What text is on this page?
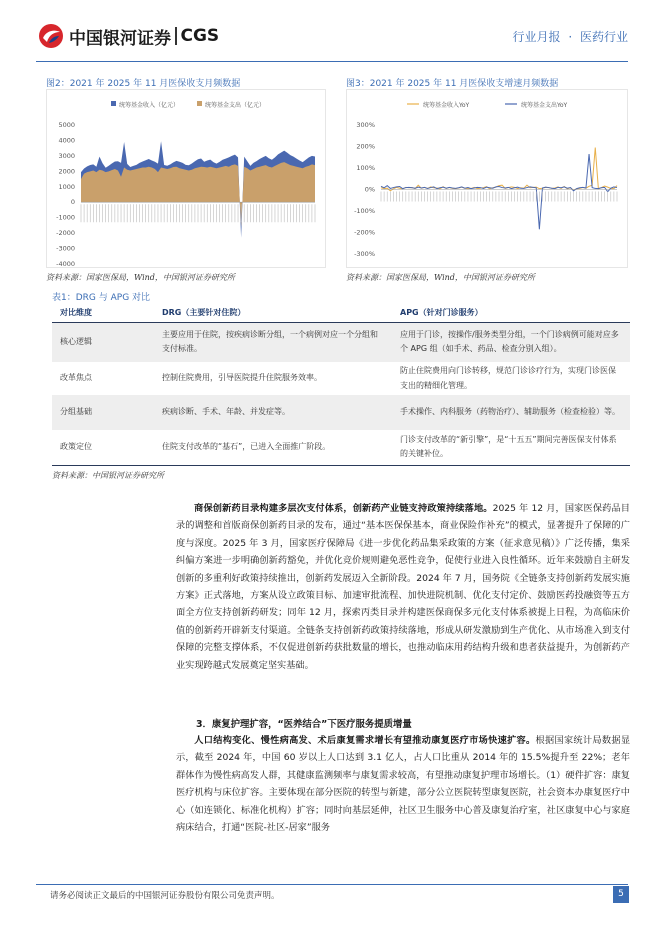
中国银河证券 CGS	行业月报 · 医药行业
图2：2021 年 2025 年 11 月医保收支月频数据
统筹基金收入（亿元）	统筹基金支出（亿元）
5000
4000
3000
2000
1000
0
-1000
-2000
-3000
-4000
资料来源：国家医保局，Wind，中国银河证券研究所
图3：2021 年 2025 年 11 月医保收支增速月频数据
统筹基金收入YoY	统筹基金支出YoY
300%
200%
100%
0%
-100%
-200%
-300%
资料来源：国家医保局，Wind，中国银河证券研究所
表1：DRG 与 APG 对比
对比维度	DRG（主要针对住院）	APG（针对门诊服务）
核心逻辑	主要应用于住院，按疾病诊断分组，一个病例对应一个分组和支付标准。	应用于门诊，按操作/服务类型分组，一个门诊病例可能对应多个 APG 组（如手术、药品、检查分别入组）。
改革焦点	控制住院费用，引导医院提升住院服务效率。	防止住院费用向门诊转移，规范门诊诊疗行为，实现门诊医保支出的精细化管理。
分组基础	疾病诊断、手术、年龄、并发症等。	手术操作、内科服务（药物治疗）、辅助服务（检查检验）等。
政策定位	住院支付改革的“基石”，已进入全面推广阶段。	门诊支付改革的“新引擎”，是“十五五”期间完善医保支付体系的关键补位。
资料来源：中国银河证券研究所
商保创新药目录构建多层次支付体系，创新药产业链支持政策持续落地。2025 年 12 月，国家医保药品目录的调整和首版商保创新药目录的发布，通过“基本医保保基本，商业保险作补充”的模式，显著提升了保障的广度与深度。2025 年 3 月，国家医疗保障局《进一步优化药品集采政策的方案（征求意见稿）》广泛传播，集采纠偏方案进一步明确创新药豁免，并优化竞价规则避免恶性竞争，促使行业进入良性循环。近年来鼓励自主研发创新的多重利好政策持续推出，创新药发展迈入全新阶段。2024 年 7 月，国务院《全链条支持创新药发展实施方案》正式落地，方案从设立政策目标、加速审批流程、加快进院机制、优化支付定价、鼓励医药投融资等五方面全方位支持创新药研发；同年 12 月，探索丙类目录并构建医保商保多元化支付体系被提上日程，为高临床价值的创新药开辟新支付渠道。全链条支持创新药政策持续落地，形成从研发激励到生产优化、从市场准入到支付保障的完整支撑体系，不仅促进创新药获批数量的增长，也推动临床用药结构升级和患者获益提升，为创新药产业实现跨越式发展奠定坚实基础。
3．康复护理扩容，“医养结合”下医疗服务提质增量
人口结构变化、慢性病高发、术后康复需求增长有望推动康复医疗市场快速扩容。根据国家统计局数据显示，截至 2024 年，中国 60 岁以上人口达到 3.1 亿人，占人口比重从 2014 年的 15.5%提升至 22%；老年群体作为慢性病高发人群，其健康监测频率与康复需求较高，有望推动康复护理市场增长。（1）硬件扩容：康复医疗机构与床位扩容。主要体现在部分医院的转型与新建，部分公立医院转型康复医院，社会资本办康复医疗中心（如连锁化、标准化机构）扩容；同时向基层延伸，社区卫生服务中心普及康复治疗室，社区康复中心与家庭病床结合，打通“医院-社区-居家”服务
请务必阅读正文最后的中国银河证券股份有限公司免责声明。	5
